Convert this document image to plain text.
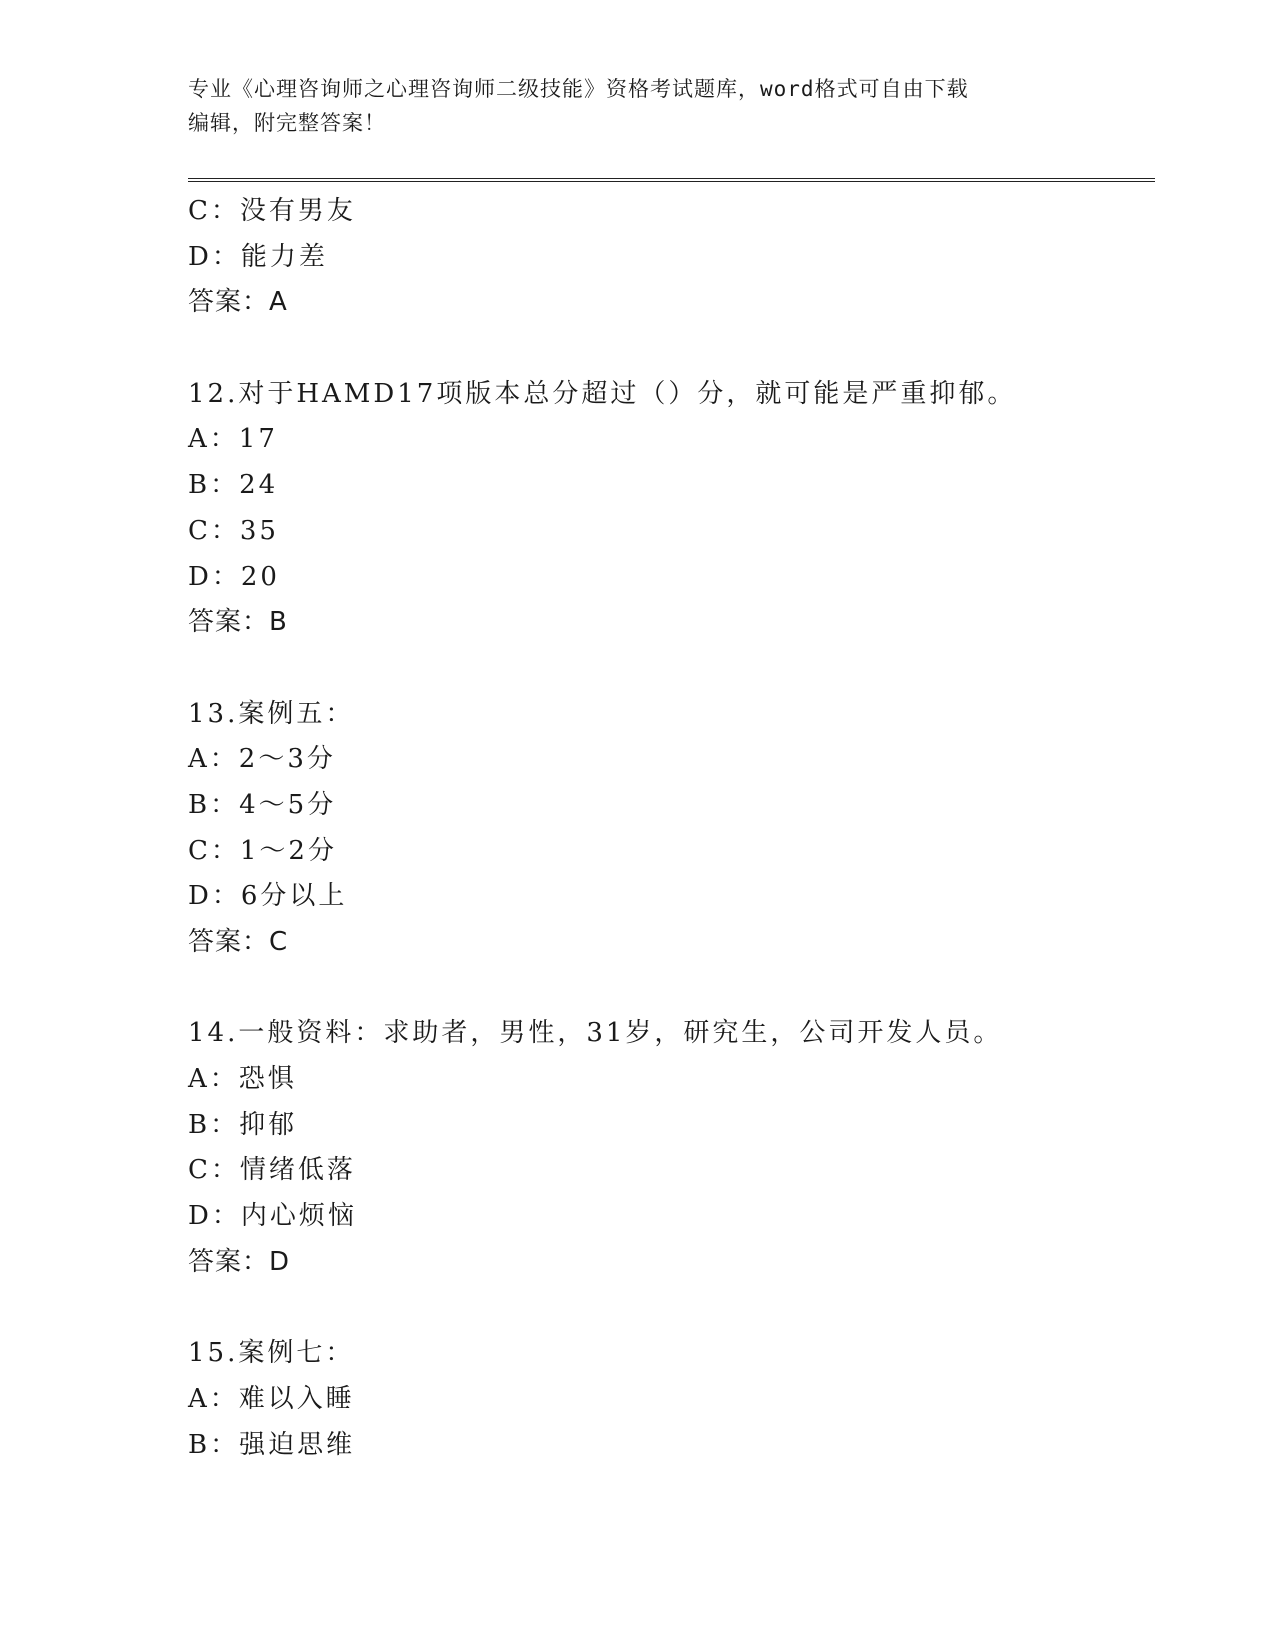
专业《心理咨询师之心理咨询师二级技能》资格考试题库，word格式可自由下载
编辑，附完整答案！
C：没有男友
D：能力差
答案：A
12.对于HAMD17项版本总分超过（）分，就可能是严重抑郁。
A：17
B：24
C：35
D：20
答案：B
13.案例五：
A：2～3分
B：4～5分
C：1～2分
D：6分以上
答案：C
14.一般资料：求助者，男性，31岁，研究生，公司开发人员。
A：恐惧
B：抑郁
C：情绪低落
D：内心烦恼
答案：D
15.案例七：
A：难以入睡
B：强迫思维
